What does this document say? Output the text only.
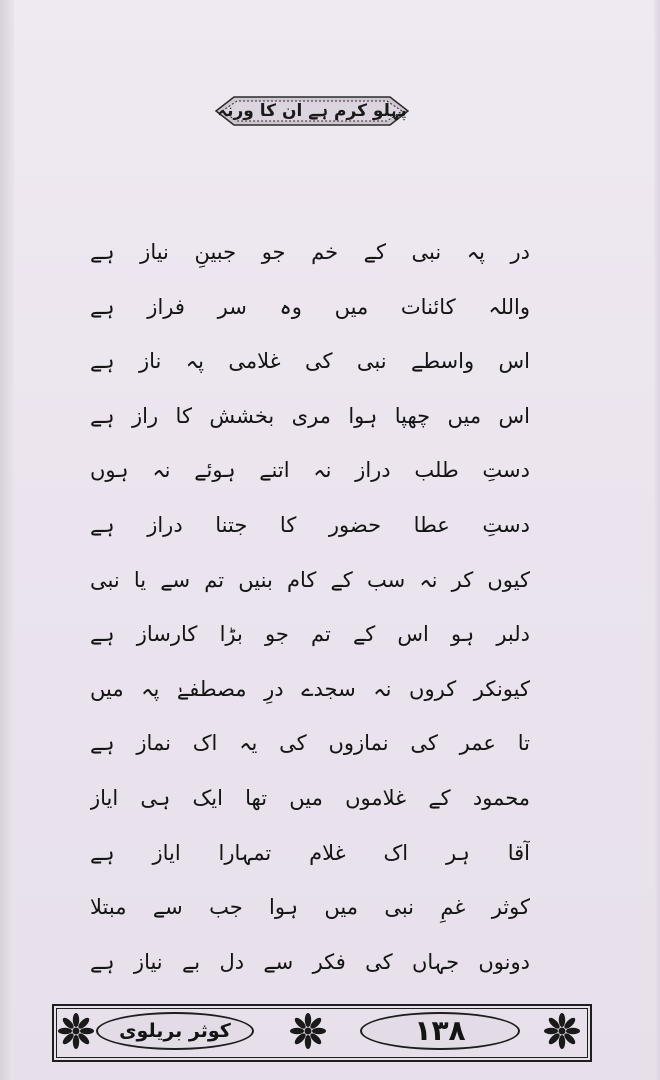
پہلو کرم ہے ان کا ورنہ
در پہ نبی کے خم جو جبینِ نیاز ہے
واللہ کائنات میں وہ سر فراز ہے
اس واسطے نبی کی غلامی پہ ناز ہے
اس میں چھپا ہوا مری بخشش کا راز ہے
دستِ طلب دراز نہ اتنے ہوئے نہ ہوں
دستِ عطا حضور کا جتنا دراز ہے
کیوں کر نہ سب کے کام بنیں تم سے یا نبی
دلبر ہو اس کے تم جو بڑا کارساز ہے
کیونکر کروں نہ سجدے درِ مصطفےٰ پہ میں
تا عمر کی نمازوں کی یہ اک نماز ہے
محمود کے غلاموں میں تھا ایک ہی ایاز
آقا ہر اک غلام تمہارا ایاز ہے
کوثر غمِ نبی میں ہوا جب سے مبتلا
دونوں جہاں کی فکر سے دل بے نیاز ہے
کوثر بریلوی	۱۳۸
